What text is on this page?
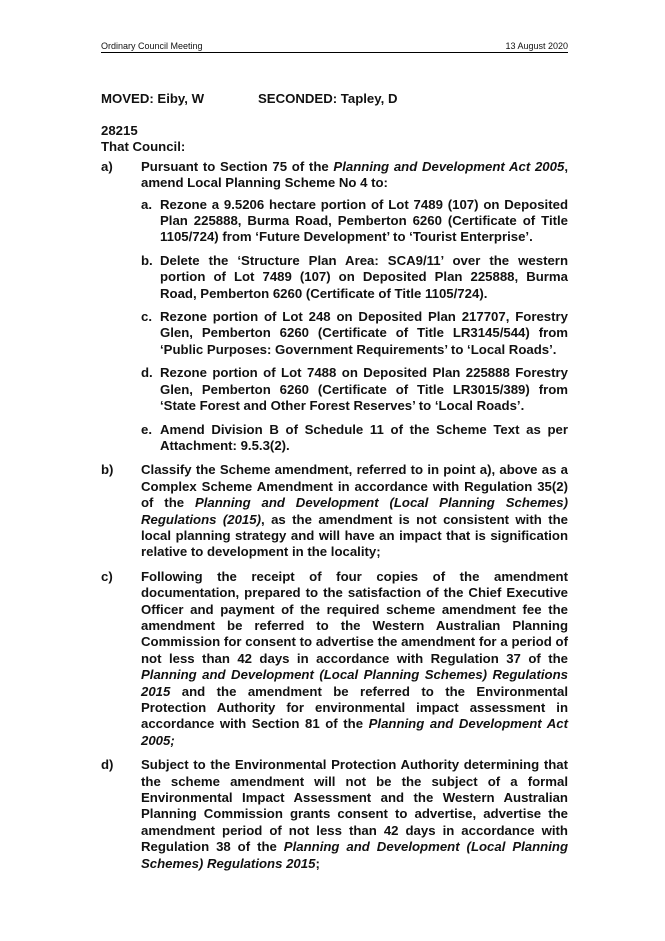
Ordinary Council Meeting	13 August 2020
MOVED: Eiby, W	SECONDED: Tapley, D
28215
That Council:
a) Pursuant to Section 75 of the Planning and Development Act 2005, amend Local Planning Scheme No 4 to:
a. Rezone a 9.5206 hectare portion of Lot 7489 (107) on Deposited Plan 225888, Burma Road, Pemberton 6260 (Certificate of Title 1105/724) from ‘Future Development’ to ‘Tourist Enterprise’.
b. Delete the ‘Structure Plan Area: SCA9/11’ over the western portion of Lot 7489 (107) on Deposited Plan 225888, Burma Road, Pemberton 6260 (Certificate of Title 1105/724).
c. Rezone portion of Lot 248 on Deposited Plan 217707, Forestry Glen, Pemberton 6260 (Certificate of Title LR3145/544) from ‘Public Purposes: Government Requirements’ to ‘Local Roads’.
d. Rezone portion of Lot 7488 on Deposited Plan 225888 Forestry Glen, Pemberton 6260 (Certificate of Title LR3015/389) from ‘State Forest and Other Forest Reserves’ to ‘Local Roads’.
e. Amend Division B of Schedule 11 of the Scheme Text as per Attachment: 9.5.3(2).
b) Classify the Scheme amendment, referred to in point a), above as a Complex Scheme Amendment in accordance with Regulation 35(2) of the Planning and Development (Local Planning Schemes) Regulations (2015), as the amendment is not consistent with the local planning strategy and will have an impact that is signification relative to development in the locality;
c) Following the receipt of four copies of the amendment documentation, prepared to the satisfaction of the Chief Executive Officer and payment of the required scheme amendment fee the amendment be referred to the Western Australian Planning Commission for consent to advertise the amendment for a period of not less than 42 days in accordance with Regulation 37 of the Planning and Development (Local Planning Schemes) Regulations 2015 and the amendment be referred to the Environmental Protection Authority for environmental impact assessment in accordance with Section 81 of the Planning and Development Act 2005;
d) Subject to the Environmental Protection Authority determining that the scheme amendment will not be the subject of a formal Environmental Impact Assessment and the Western Australian Planning Commission grants consent to advertise, advertise the amendment period of not less than 42 days in accordance with Regulation 38 of the Planning and Development (Local Planning Schemes) Regulations 2015;
